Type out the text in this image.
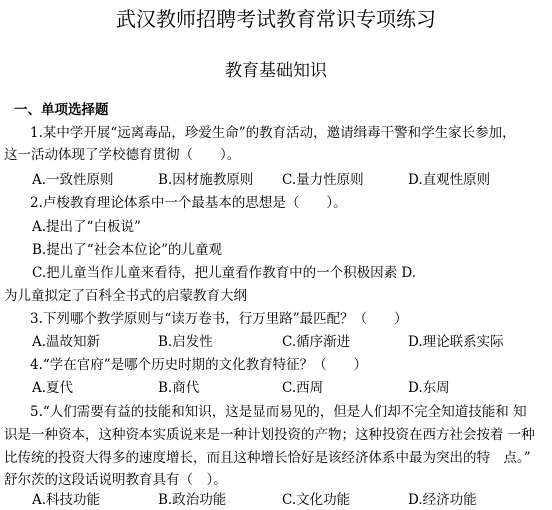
武汉教师招聘考试教育常识专项练习
教育基础知识
一、单项选择题
1.某中学开展“远离毒品，珍爱生命”的教育活动，邀请缉毒干警和学生家长参加，
这一活动体现了学校德育贯彻（　　）。
A.一致性原则	B.因材施教原则 C.量力性原则	D.直观性原则
2.卢梭教育理论体系中一个最基本的思想是（　　）。
A.提出了“白板说”
B.提出了“社会本位论”的儿童观
C.把儿童当作儿童来看待，把儿童看作教育中的一个积极因素 D.
为儿童拟定了百科全书式的启蒙教育大纲
3.下列哪个教学原则与“读万卷书，行万里路”最匹配？（　　）
A.温故知新	B.启发性	C.循序渐进	D.理论联系实际
4.“学在官府”是哪个历史时期的文化教育特征？（　　）
A.夏代	B.商代	C.西周	D.东周
5.“人们需要有益的技能和知识，这是显而易见的，但是人们却不完全知道技能和 知
识是一种资本，这种资本实质说来是一种计划投资的产物；这种投资在西方社会按着 一种
比传统的投资大得多的速度增长，而且这种增长恰好是该经济体系中最为突出的特　点。”
舒尔茨的这段话说明教育具有（　）。
A.科技功能	B.政治功能	C.文化功能	D.经济功能
